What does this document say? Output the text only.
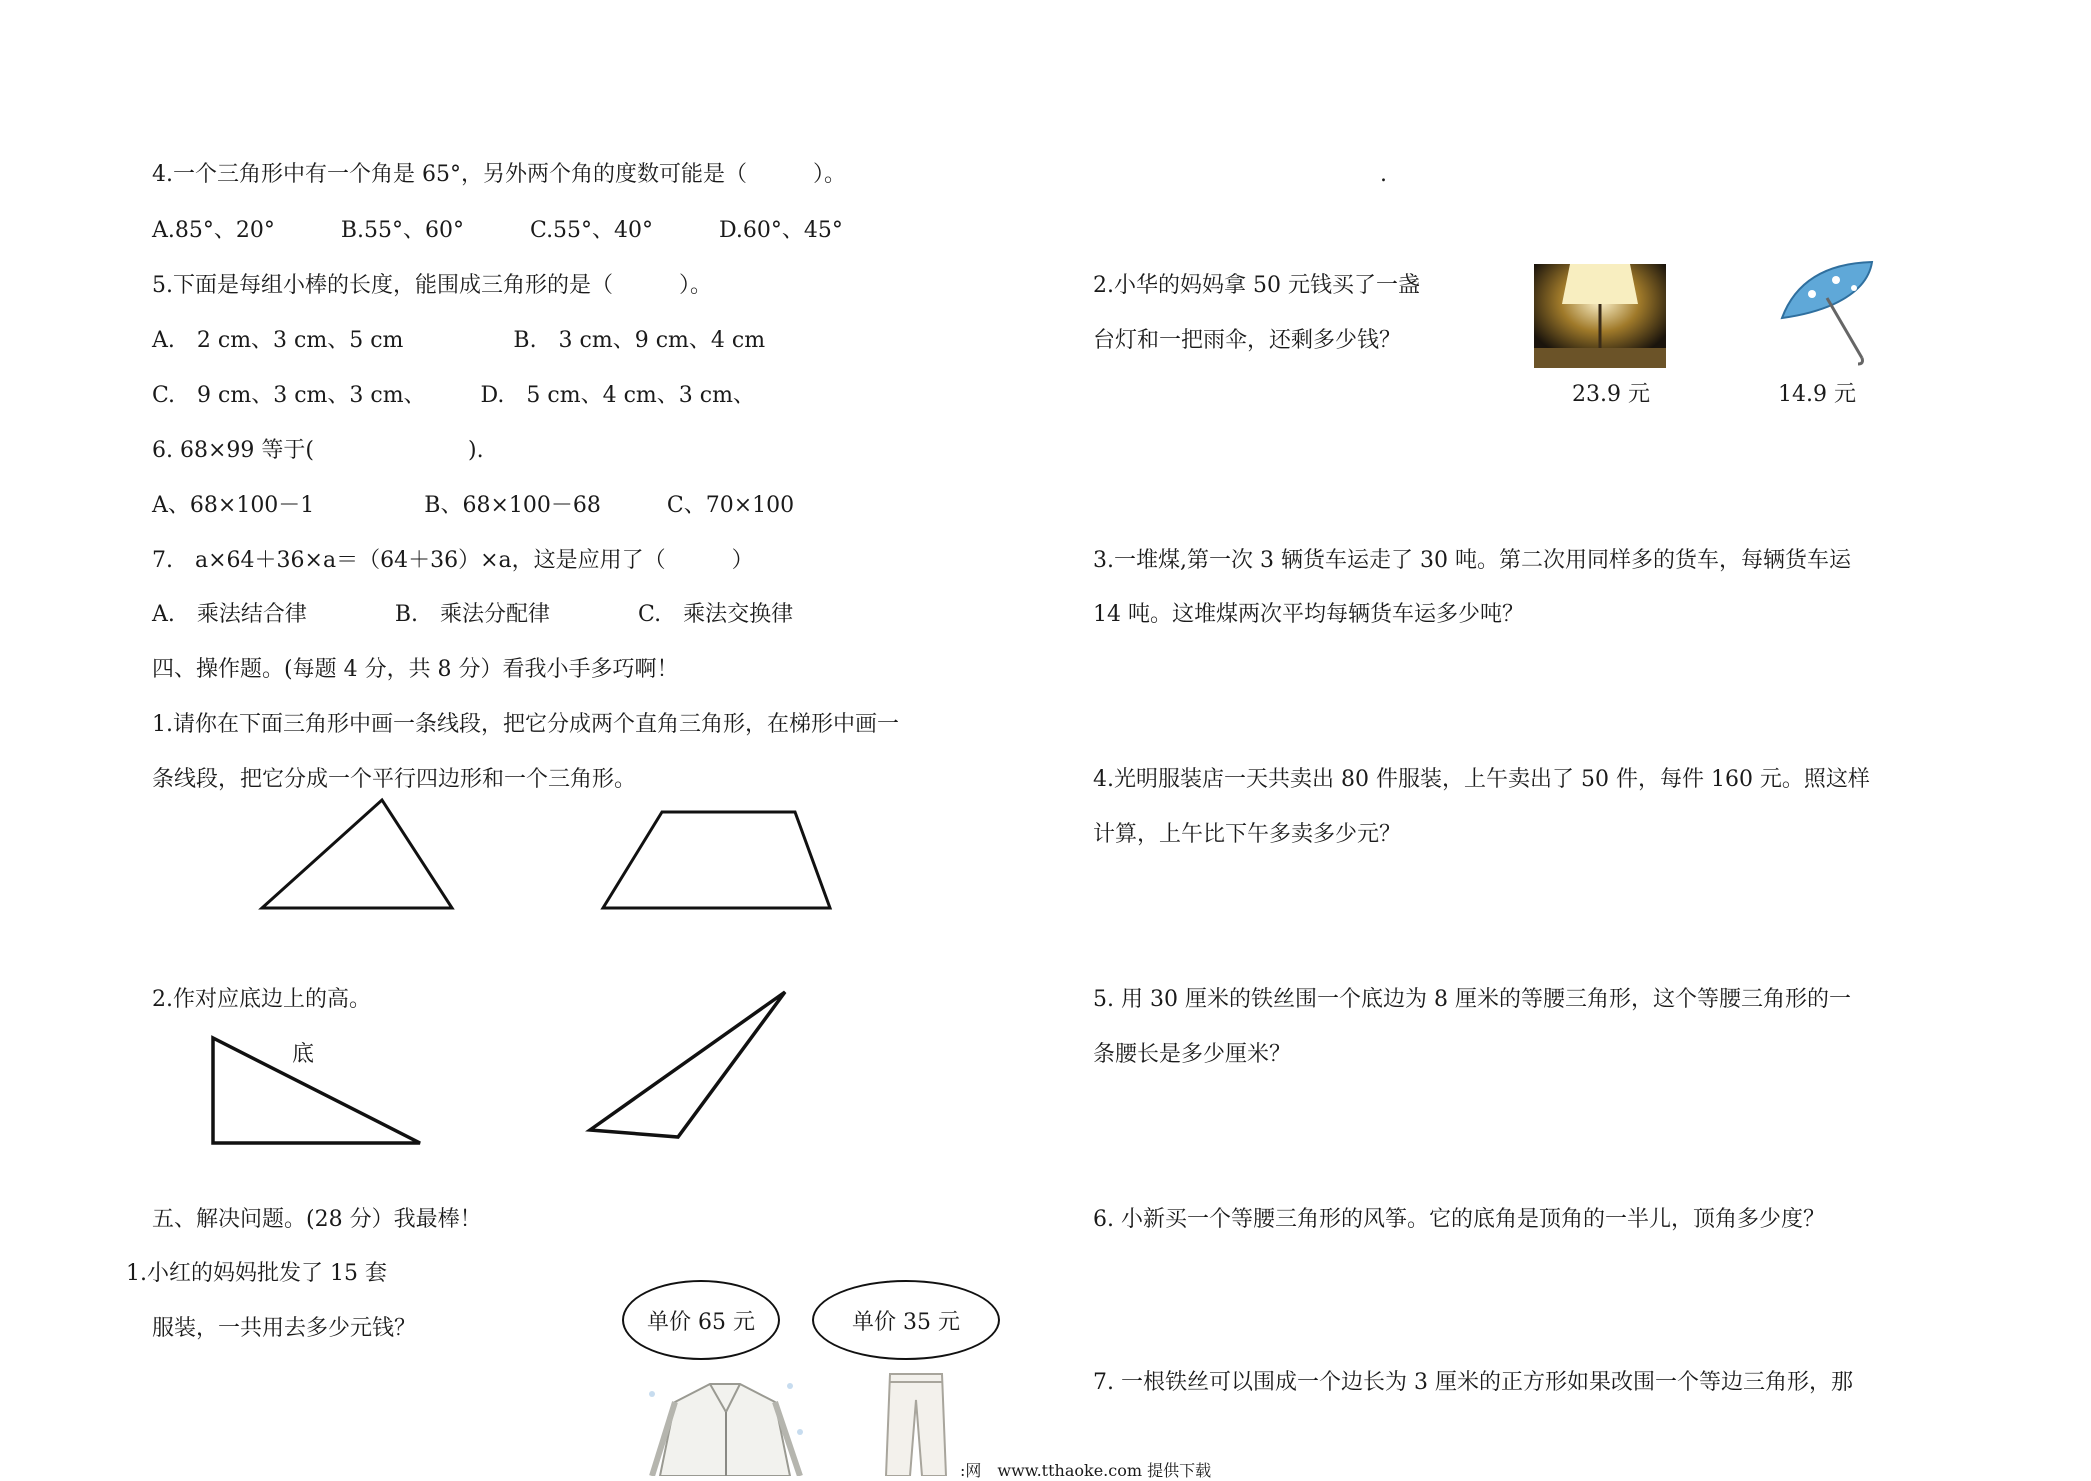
4.一个三角形中有一个角是 65°，另外两个角的度数可能是（　　　）。
A.85°、20°　　　B.55°、60°　　　C.55°、40°　　　D.60°、45°
5.下面是每组小棒的长度，能围成三角形的是（　　　）。
A.　2 cm、3 cm、5 cm　　　　　B.　3 cm、9 cm、4 cm
C.　9 cm、3 cm、3 cm、　　　D.　5 cm、4 cm、3 cm、
6. 68×99 等于(　　　　　　　).
A、68×100－1　　　　　B、68×100－68　　　C、70×100
7.　a×64＋36×a＝（64＋36）×a，这是应用了（　　　）
A.　乘法结合律　　　　B.　乘法分配律　　　　C.　乘法交换律
四、操作题。(每题 4 分，共 8 分）看我小手多巧啊！
1.请你在下面三角形中画一条线段，把它分成两个直角三角形，在梯形中画一
条线段，把它分成一个平行四边形和一个三角形。
2.作对应底边上的高。
底
五、解决问题。(28 分）我最棒！
1.小红的妈妈批发了 15 套
服装，一共用去多少元钱？	单价 65 元	单价 35 元
.
2.小华的妈妈拿 50 元钱买了一盏
台灯和一把雨伞，还剩多少钱？
23.9 元	14.9 元
3.一堆煤,第一次 3 辆货车运走了 30 吨。第二次用同样多的货车，每辆货车运
14 吨。这堆煤两次平均每辆货车运多少吨？
4.光明服装店一天共卖出 80 件服装，上午卖出了 50 件，每件 160 元。照这样
计算，上午比下午多卖多少元？
5. 用 30 厘米的铁丝围一个底边为 8 厘米的等腰三角形，这个等腰三角形的一
条腰长是多少厘米？
6. 小新买一个等腰三角形的风筝。它的底角是顶角的一半儿，顶角多少度？
7. 一根铁丝可以围成一个边长为 3 厘米的正方形如果改围一个等边三角形，那
:网　www.tthaoke.com 提供下载
